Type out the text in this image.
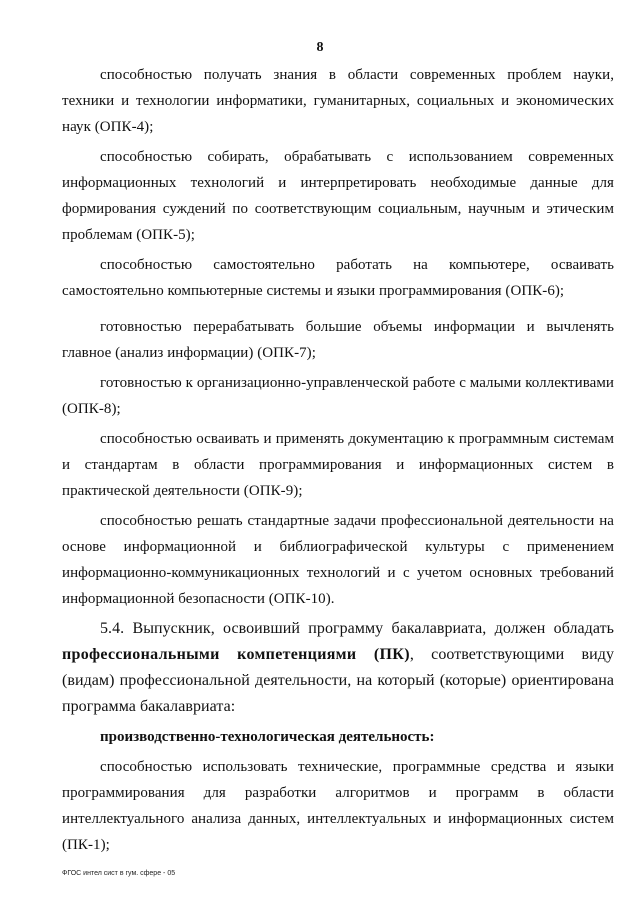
8

способностью получать знания в области современных проблем науки, техники и технологии информатики, гуманитарных, социальных и экономических наук (ОПК-4);

способностью собирать, обрабатывать с использованием современных информационных технологий и интерпретировать необходимые данные для формирования суждений по соответствующим социальным, научным и этическим проблемам (ОПК-5);

способностью самостоятельно работать на компьютере, осваивать самостоятельно компьютерные системы и языки программирования (ОПК-6);

готовностью перерабатывать большие объемы информации и вычленять главное (анализ информации) (ОПК-7);

готовностью к организационно-управленческой работе с малыми коллективами (ОПК-8);

способностью осваивать и применять документацию к программным системам и стандартам в области программирования и информационных систем в практической деятельности (ОПК-9);

способностью решать стандартные задачи профессиональной деятельности на основе информационной и библиографической культуры с применением информационно-коммуникационных технологий и с учетом основных требований информационной безопасности (ОПК-10).

5.4. Выпускник, освоивший программу бакалавриата, должен обладать профессиональными компетенциями (ПК), соответствующими виду (видам) профессиональной деятельности, на который (которые) ориентирована программа бакалавриата:

производственно-технологическая деятельность:

способностью использовать технические, программные средства и языки программирования для разработки алгоритмов и программ в области интеллектуального анализа данных, интеллектуальных и информационных систем (ПК-1);

ФГОС интел сист в гум. сфере - 05
